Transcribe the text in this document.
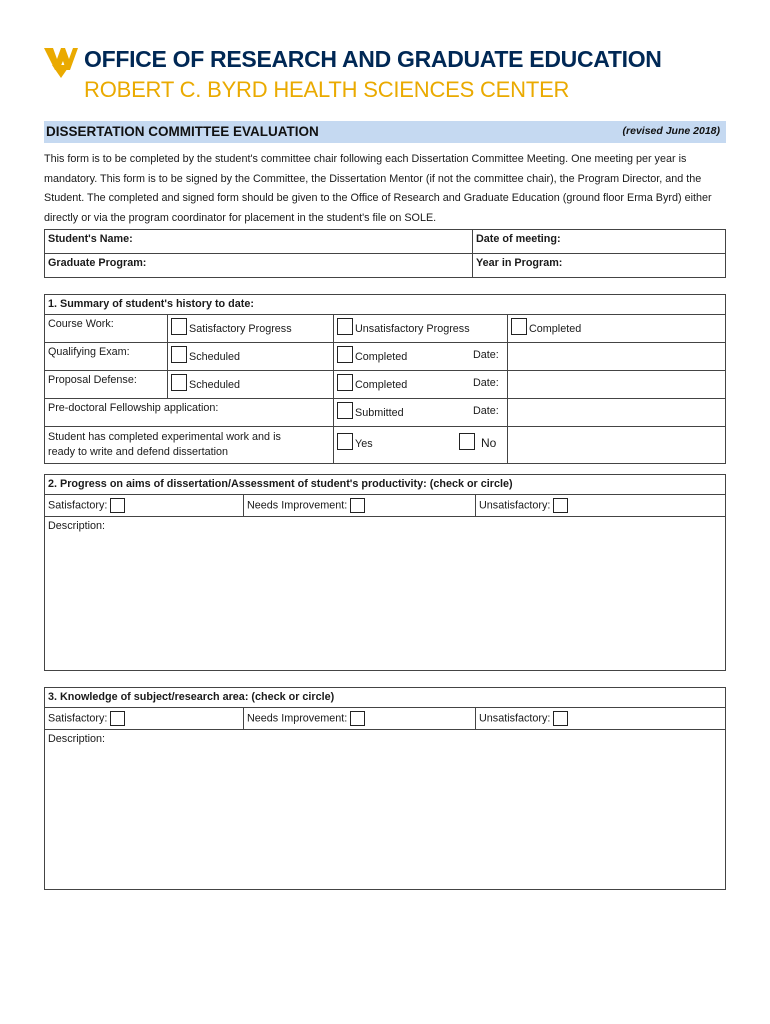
OFFICE OF RESEARCH AND GRADUATE EDUCATION
ROBERT C. BYRD HEALTH SCIENCES CENTER
DISSERTATION COMMITTEE EVALUATION	(revised June 2018)
This form is to be completed by the student's committee chair following each Dissertation Committee Meeting. One meeting per year is mandatory. This form is to be signed by the Committee, the Dissertation Mentor (if not the committee chair), the Program Director, and the Student. The completed and signed form should be given to the Office of Research and Graduate Education (ground floor Erma Byrd) either directly or via the program coordinator for placement in the student's file on SOLE.
Student's Name:	Date of meeting:
Graduate Program:	Year in Program:
1. Summary of student's history to date:			
Course Work:	Satisfactory Progress	Unsatisfactory Progress	Completed

Qualifying Exam:	Scheduled	Completed	Date:
Proposal Defense:	Scheduled	Completed	Date:
Pre-doctoral Fellowship application:		Submitted	Date:
Student has completed experimental work and is ready to write and defend dissertation		Yes	No
2. Progress on aims of dissertation/Assessment of student's productivity: (check or circle)
Satisfactory:	Needs Improvement:	Unsatisfactory:
Description:
3. Knowledge of subject/research area: (check or circle)
Satisfactory:	Needs Improvement:	Unsatisfactory:
Description:
